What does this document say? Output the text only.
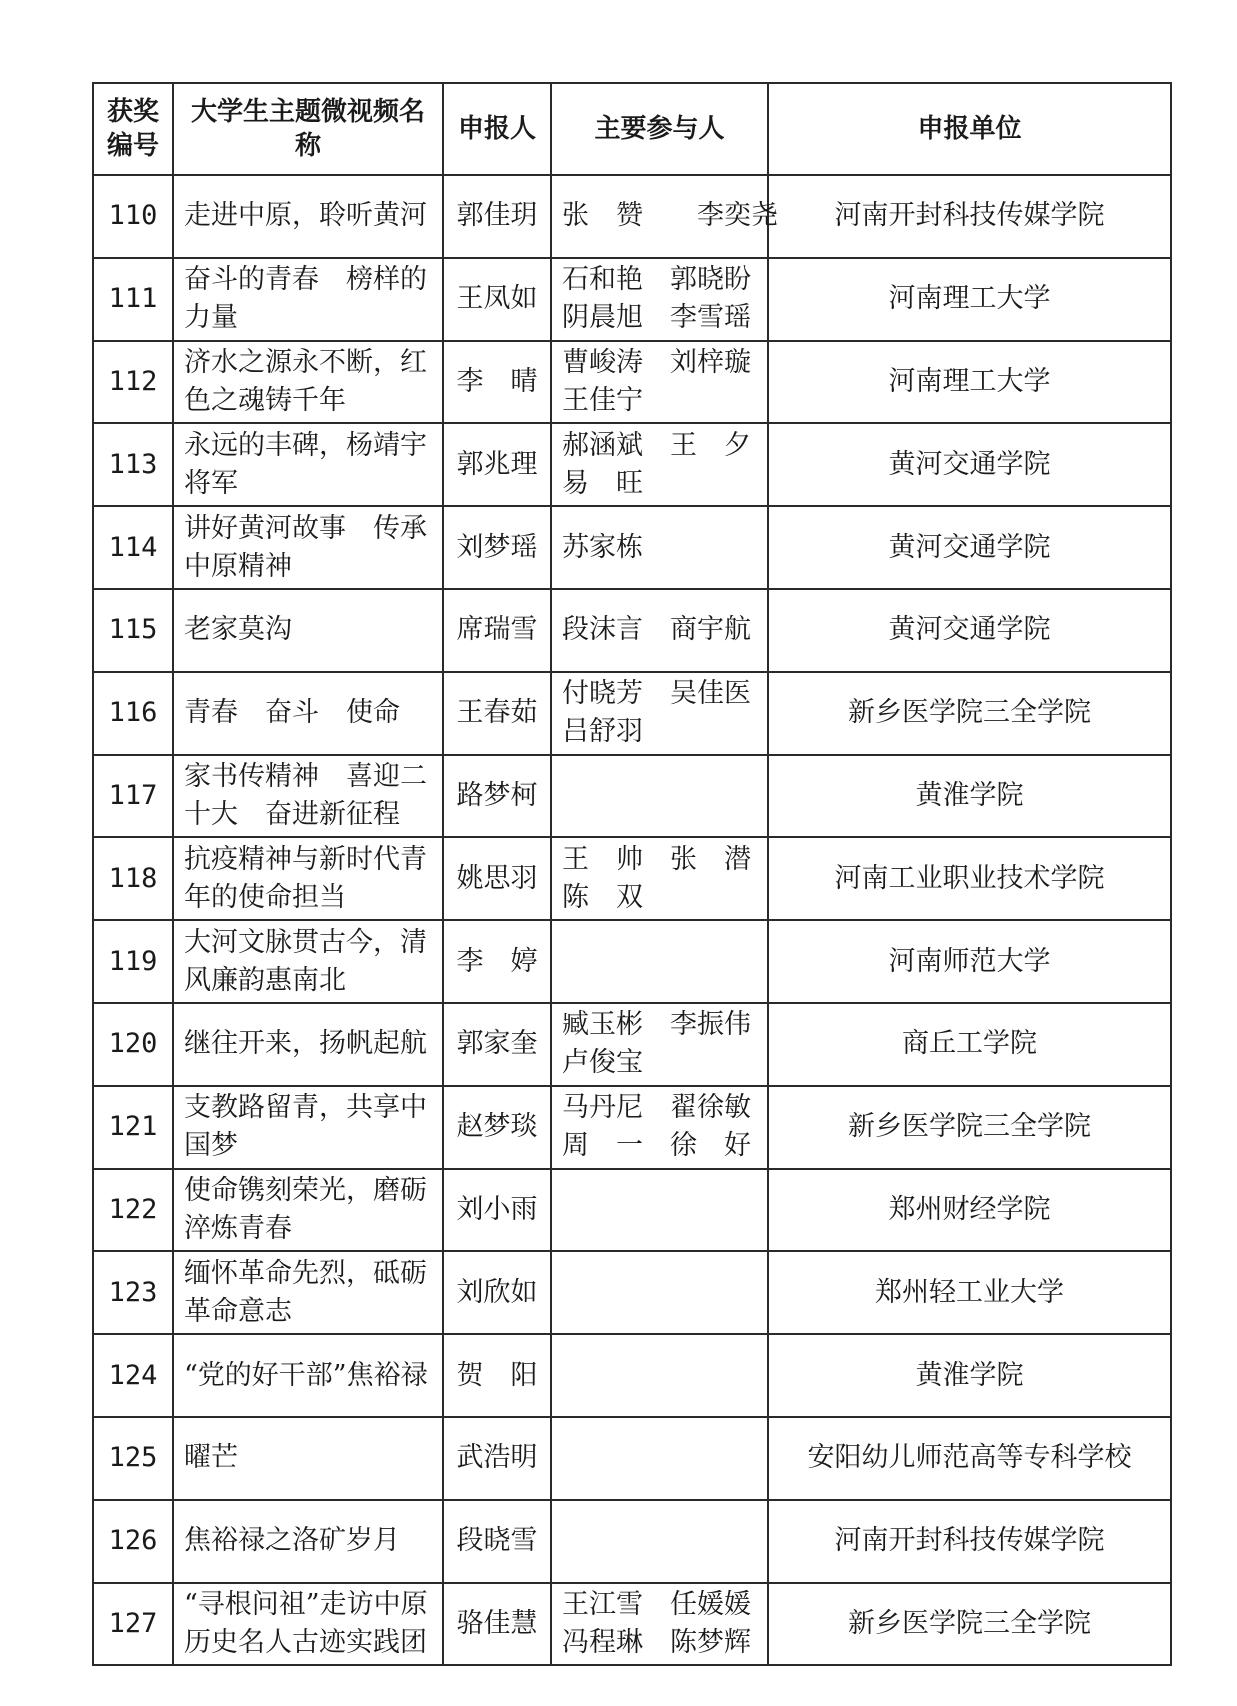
获奖编号	大学生主题微视频名称	申报人	主要参与人	申报单位
110	走进中原，聆听黄河	郭佳玥	张　赞　　李奕尧	河南开封科技传媒学院
111	奋斗的青春　榜样的力量	王凤如	石和艳　郭晓盼
阴晨旭　李雪瑶	河南理工大学
112	济水之源永不断，红色之魂铸千年	李　晴	曹峻涛　刘梓璇
王佳宁	河南理工大学
113	永远的丰碑，杨靖宇将军	郭兆理	郝涵斌　王　夕
易　旺	黄河交通学院
114	讲好黄河故事　传承中原精神	刘梦瑶	苏家栋	黄河交通学院
115	老家莫沟	席瑞雪	段沫言　商宇航	黄河交通学院
116	青春　奋斗　使命	王春茹	付晓芳　吴佳医
吕舒羽	新乡医学院三全学院
117	家书传精神　喜迎二十大　奋进新征程	路梦柯		黄淮学院
118	抗疫精神与新时代青年的使命担当	姚思羽	王　帅　张　潜
陈　双	河南工业职业技术学院
119	大河文脉贯古今，清风廉韵惠南北	李　婷		河南师范大学
120	继往开来，扬帆起航	郭家奎	臧玉彬　李振伟
卢俊宝	商丘工学院
121	支教路留青，共享中国梦	赵梦琰	马丹尼　翟徐敏
周　一　徐　好	新乡医学院三全学院
122	使命镌刻荣光，磨砺淬炼青春	刘小雨		郑州财经学院
123	缅怀革命先烈，砥砺革命意志	刘欣如		郑州轻工业大学
124	“党的好干部”焦裕禄	贺　阳		黄淮学院
125	曜芒	武浩明		安阳幼儿师范高等专科学校
126	焦裕禄之洛矿岁月	段晓雪		河南开封科技传媒学院
127	“寻根问祖”走访中原历史名人古迹实践团	骆佳慧	王江雪　任媛媛
冯程琳　陈梦辉	新乡医学院三全学院
